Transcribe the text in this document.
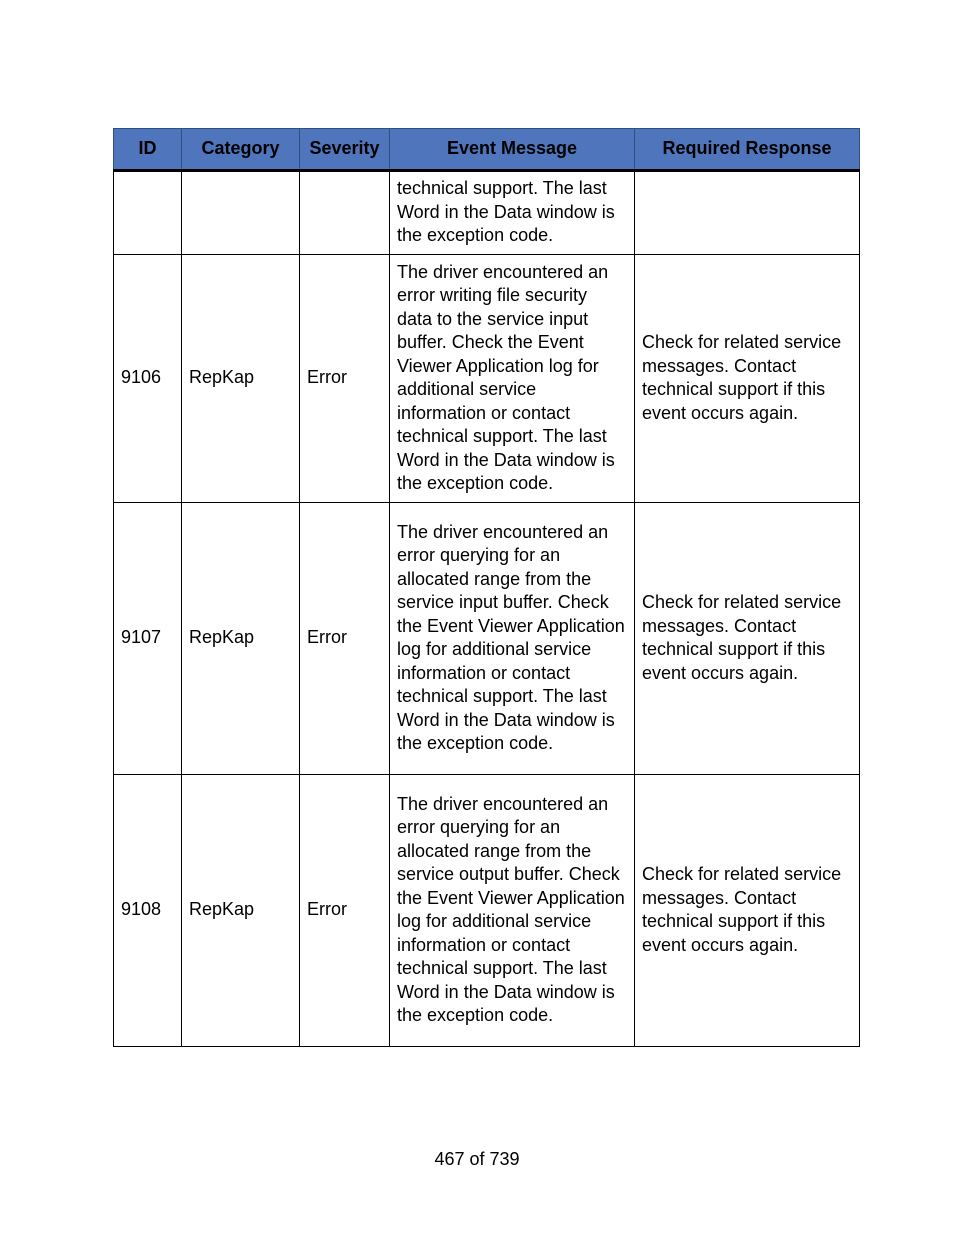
ID	Category	Severity	Event Message	Required Response
			technical support. The last Word in the Data window is the exception code.	
9106	RepKap	Error	The driver encountered an error writing file security data to the service input buffer. Check the Event Viewer Application log for additional service information or contact technical support. The last Word in the Data window is the exception code.	Check for related service messages. Contact technical support if this event occurs again.
9107	RepKap	Error	The driver encountered an error querying for an allocated range from the service input buffer. Check the Event Viewer Application log for additional service information or contact technical support. The last Word in the Data window is the exception code.	Check for related service messages. Contact technical support if this event occurs again.
9108	RepKap	Error	The driver encountered an error querying for an allocated range from the service output buffer. Check the Event Viewer Application log for additional service information or contact technical support. The last Word in the Data window is the exception code.	Check for related service messages. Contact technical support if this event occurs again.
467 of 739
